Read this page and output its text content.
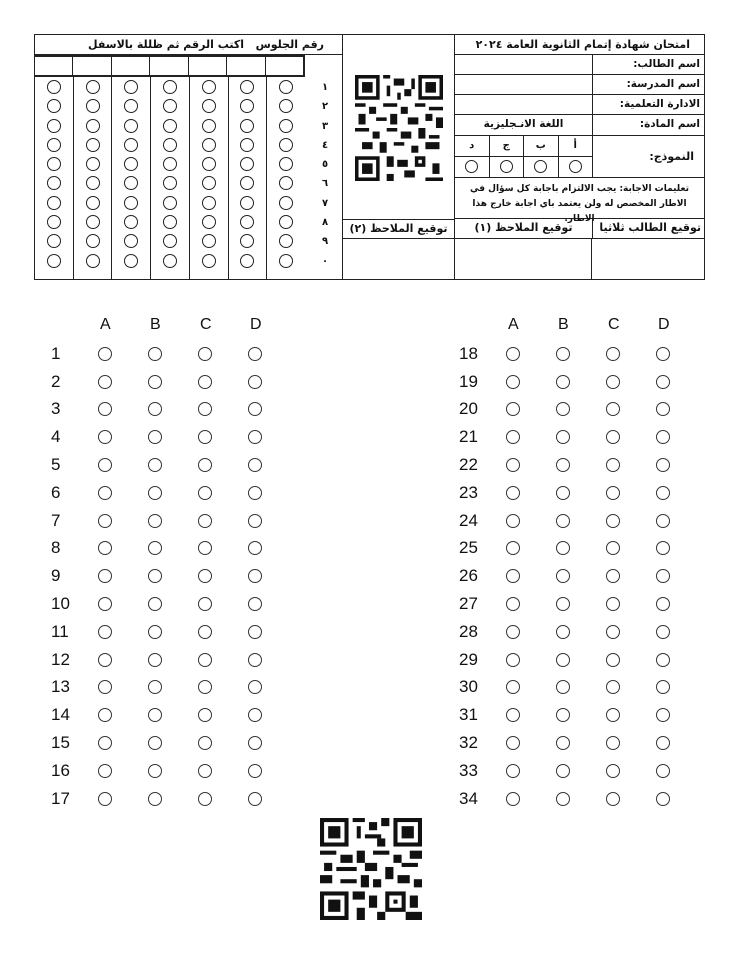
رقم الجلوس
اكتب الرقم ثم ظللة بالاسفل
١
٢
٣
٤
٥
٦
٧
٨
٩
٠
توقيع الملاحظ (٢)
امتحان شهادة إتمام الثانوية العامة ٢٠٢٤
اسم الطالب:
اسم المدرسة:
الادارة التعلمية:
اسم المادة:
اللغة الانـجليزية
النموذج:
أ
ب
ج
د
تعليمات الاجابة: يجب الالتزام باجابة كل سؤال في الاطار المخصص له ولن يعتمد باي اجابة خارج هذا الاطار.
توقيع الطالب ثلاثيا
توقيع الملاحظ (١)
A	B	C	D
1
2
3
4
5
6
7
8
9
10
11
12
13
14
15
16
17
A	B	C	D
18
19
20
21
22
23
24
25
26
27
28
29
30
31
32
33
34
